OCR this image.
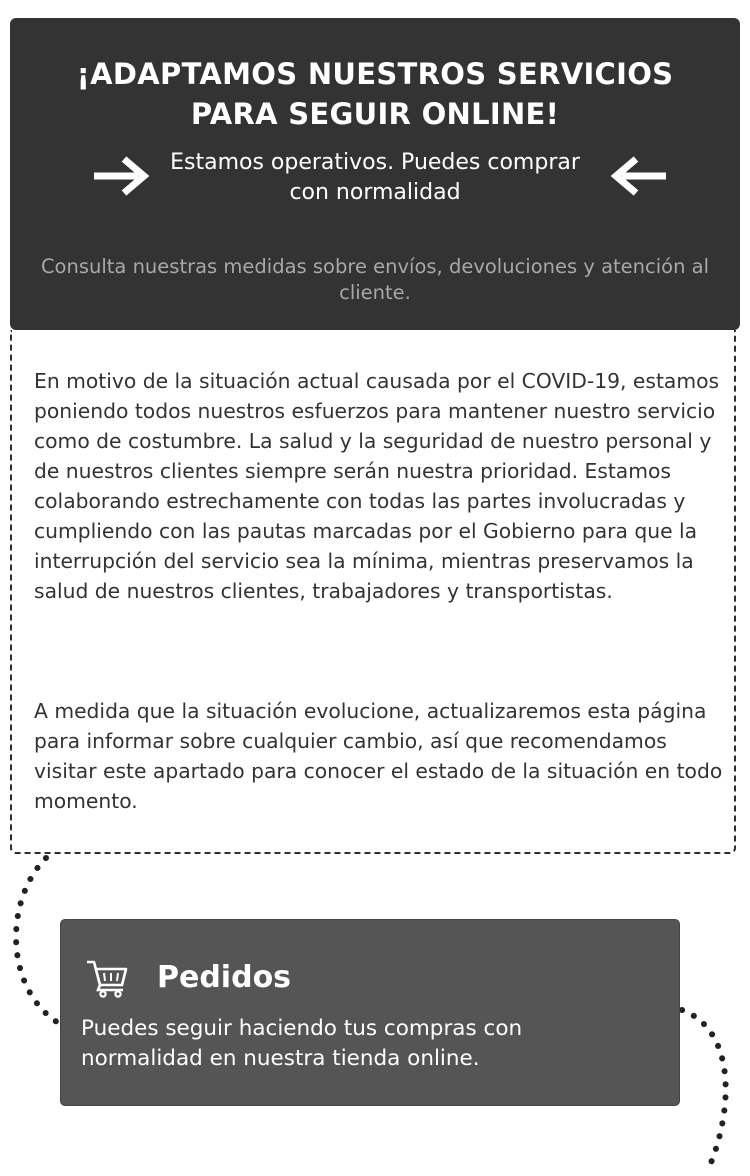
¡ADAPTAMOS NUESTROS SERVICIOS PARA SEGUIR ONLINE!
Estamos operativos. Puedes comprar con normalidad
Consulta nuestras medidas sobre envíos, devoluciones y atención al cliente.

En motivo de la situación actual causada por el COVID-19, estamos poniendo todos nuestros esfuerzos para mantener nuestro servicio como de costumbre. La salud y la seguridad de nuestro personal y de nuestros clientes siempre serán nuestra prioridad. Estamos colaborando estrechamente con todas las partes involucradas y cumpliendo con las pautas marcadas por el Gobierno para que la interrupción del servicio sea la mínima, mientras preservamos la salud de nuestros clientes, trabajadores y transportistas.

A medida que la situación evolucione, actualizaremos esta página para informar sobre cualquier cambio, así que recomendamos visitar este apartado para conocer el estado de la situación en todo momento.

Pedidos

Puedes seguir haciendo tus compras con normalidad en nuestra tienda online.
